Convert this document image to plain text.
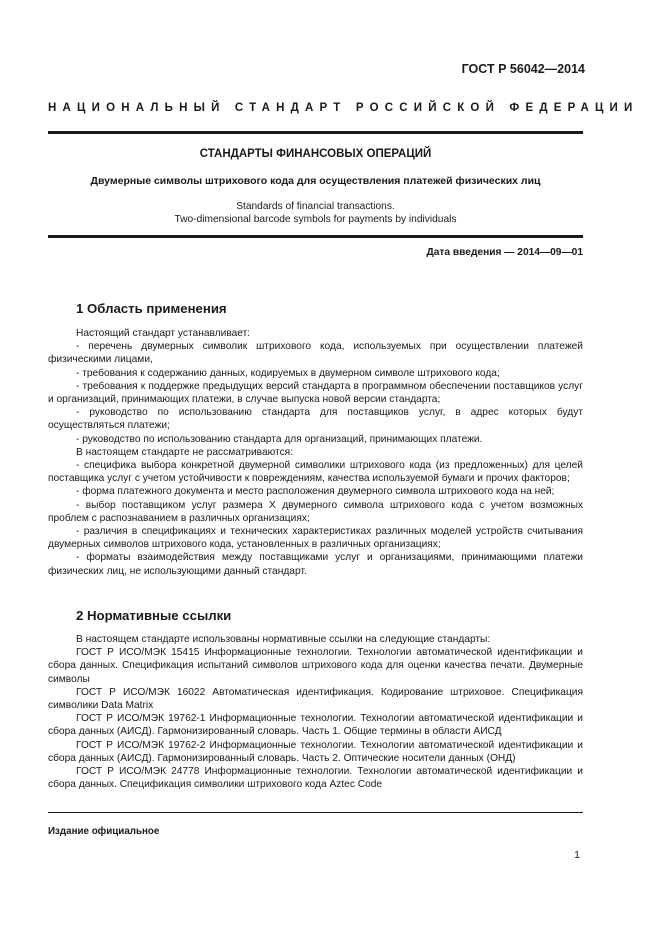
ГОСТ Р 56042—2014
НАЦИОНАЛЬНЫЙ СТАНДАРТ РОССИЙСКОЙ ФЕДЕРАЦИИ
СТАНДАРТЫ ФИНАНСОВЫХ ОПЕРАЦИЙ
Двумерные символы штрихового кода для осуществления платежей физических лиц
Standards of financial transactions.
Two-dimensional barcode symbols for payments by individuals
Дата введения — 2014—09—01
1 Область применения

Настоящий стандарт устанавливает:

- перечень двумерных символик штрихового кода, используемых при осуществлении платежей физическими лицами,

- требования к содержанию данных, кодируемых в двумерном символе штрихового кода;

- требования к поддержке предыдущих версий стандарта в программном обеспечении поставщиков услуг и организаций, принимающих платежи, в случае выпуска новой версии стандарта;

- руководство по использованию стандарта для поставщиков услуг, в адрес которых будут осуществляться платежи;

- руководство по использованию стандарта для организаций, принимающих платежи.

В настоящем стандарте не рассматриваются:

- специфика выбора конкретной двумерной символики штрихового кода (из предложенных) для целей поставщика услуг с учетом устойчивости к повреждениям, качества используемой бумаги и прочих факторов;

- форма платежного документа и место расположения двумерного символа штрихового кода на ней;

- выбор поставщиком услуг размера X двумерного символа штрихового кода с учетом возможных проблем с распознаванием в различных организациях;

- различия в спецификациях и технических характеристиках различных моделей устройств считывания двумерных символов штрихового кода, установленных в различных организациях;

- форматы взаимодействия между поставщиками услуг и организациями, принимающими платежи физических лиц, не использующими данный стандарт.

2 Нормативные ссылки

В настоящем стандарте использованы нормативные ссылки на следующие стандарты:

ГОСТ Р ИСО/МЭК 15415 Информационные технологии. Технологии автоматической идентификации и сбора данных. Спецификация испытаний символов штрихового кода для оценки качества печати. Двумерные символы

ГОСТ Р ИСО/МЭК 16022 Автоматическая идентификация. Кодирование штриховое. Спецификация символики Data Matrix

ГОСТ Р ИСО/МЭК 19762-1 Информационные технологии. Технологии автоматической идентификации и сбора данных (АИСД). Гармонизированный словарь. Часть 1. Общие термины в области АИСД

ГОСТ Р ИСО/МЭК 19762-2 Информационные технологии. Технологии автоматической идентификации и сбора данных (АИСД). Гармонизированный словарь. Часть 2. Оптические носители данных (ОНД)

ГОСТ Р ИСО/МЭК 24778 Информационные технологии. Технологии автоматической идентификации и сбора данных. Спецификация символики штрихового кода Aztec Code

Издание официальное
1
